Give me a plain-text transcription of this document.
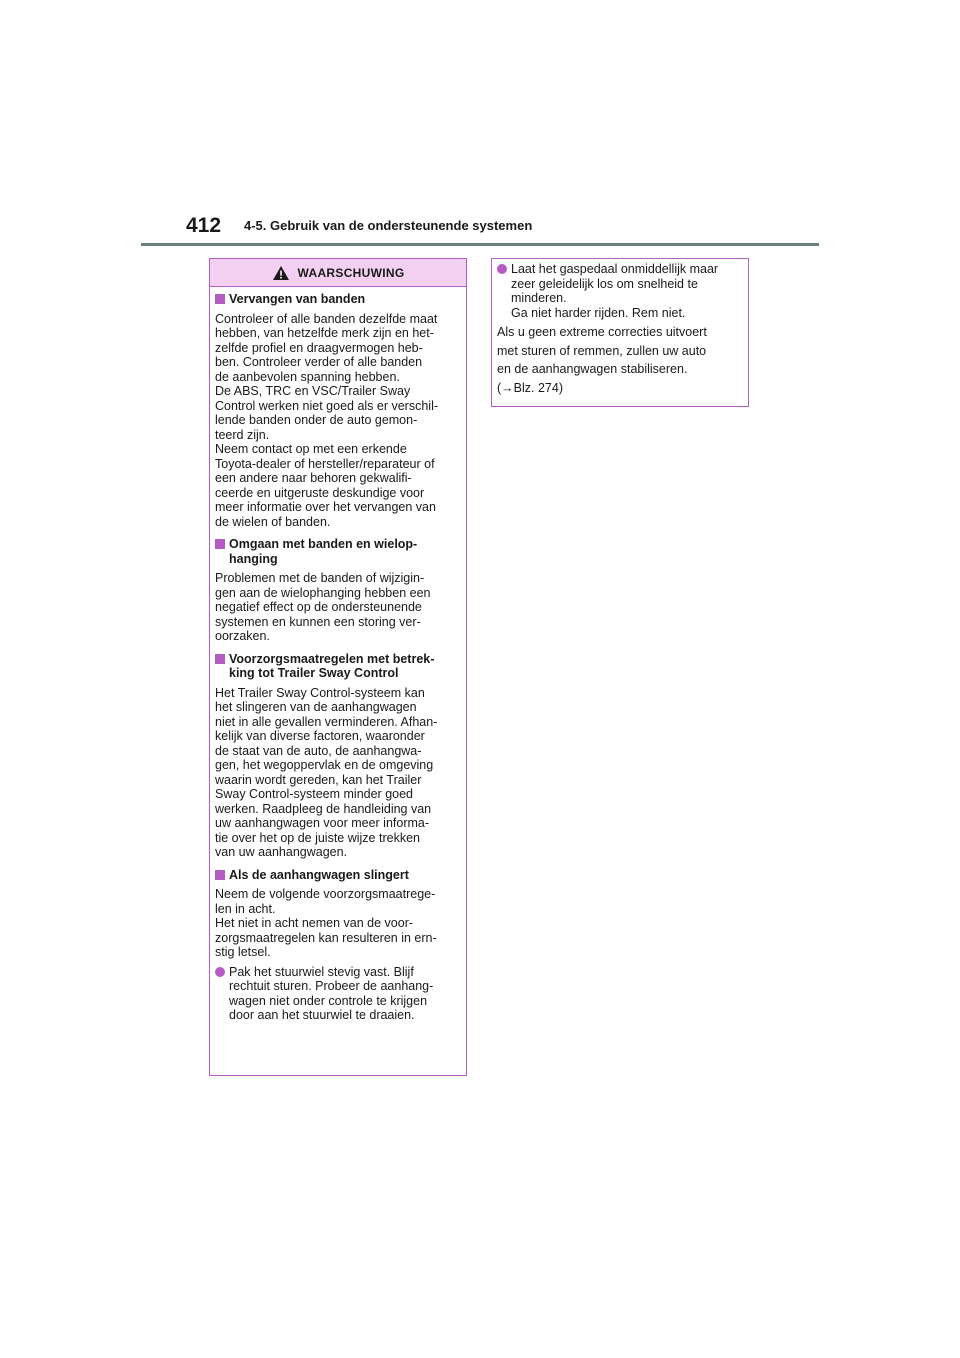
412 4-5. Gebruik van de ondersteunende systemen
WAARSCHUWING
Vervangen van banden

Controleer of alle banden dezelfde maat

hebben, van hetzelfde merk zijn en het-

zelfde profiel en draagvermogen heb-

ben. Controleer verder of alle banden

de aanbevolen spanning hebben.

De ABS, TRC en VSC/Trailer Sway

Control werken niet goed als er verschil-

lende banden onder de auto gemon-

teerd zijn.

Neem contact op met een erkende

Toyota-dealer of hersteller/reparateur of

een andere naar behoren gekwalifi-

ceerde en uitgeruste deskundige voor

meer informatie over het vervangen van

de wielen of banden.

Omgaan met banden en wielop-
hanging

Problemen met de banden of wijzigin-

gen aan de wielophanging hebben een

negatief effect op de ondersteunende

systemen en kunnen een storing ver-

oorzaken.

Voorzorgsmaatregelen met betrek-
king tot Trailer Sway Control

Het Trailer Sway Control-systeem kan

het slingeren van de aanhangwagen

niet in alle gevallen verminderen. Afhan-

kelijk van diverse factoren, waaronder

de staat van de auto, de aanhangwa-

gen, het wegoppervlak en de omgeving

waarin wordt gereden, kan het Trailer

Sway Control-systeem minder goed

werken. Raadpleeg de handleiding van

uw aanhangwagen voor meer informa-

tie over het op de juiste wijze trekken

van uw aanhangwagen.

Als de aanhangwagen slingert

Neem de volgende voorzorgsmaatrege-

len in acht.

Het niet in acht nemen van de voor-

zorgsmaatregelen kan resulteren in ern-

stig letsel.

Pak het stuurwiel stevig vast. Blijf

rechtuit sturen. Probeer de aanhang-

wagen niet onder controle te krijgen

door aan het stuurwiel te draaien.

Laat het gaspedaal onmiddellijk maar

zeer geleidelijk los om snelheid te

minderen.

Ga niet harder rijden. Rem niet.

Als u geen extreme correcties uitvoert

met sturen of remmen, zullen uw auto

en de aanhangwagen stabiliseren.

(→Blz. 274)
